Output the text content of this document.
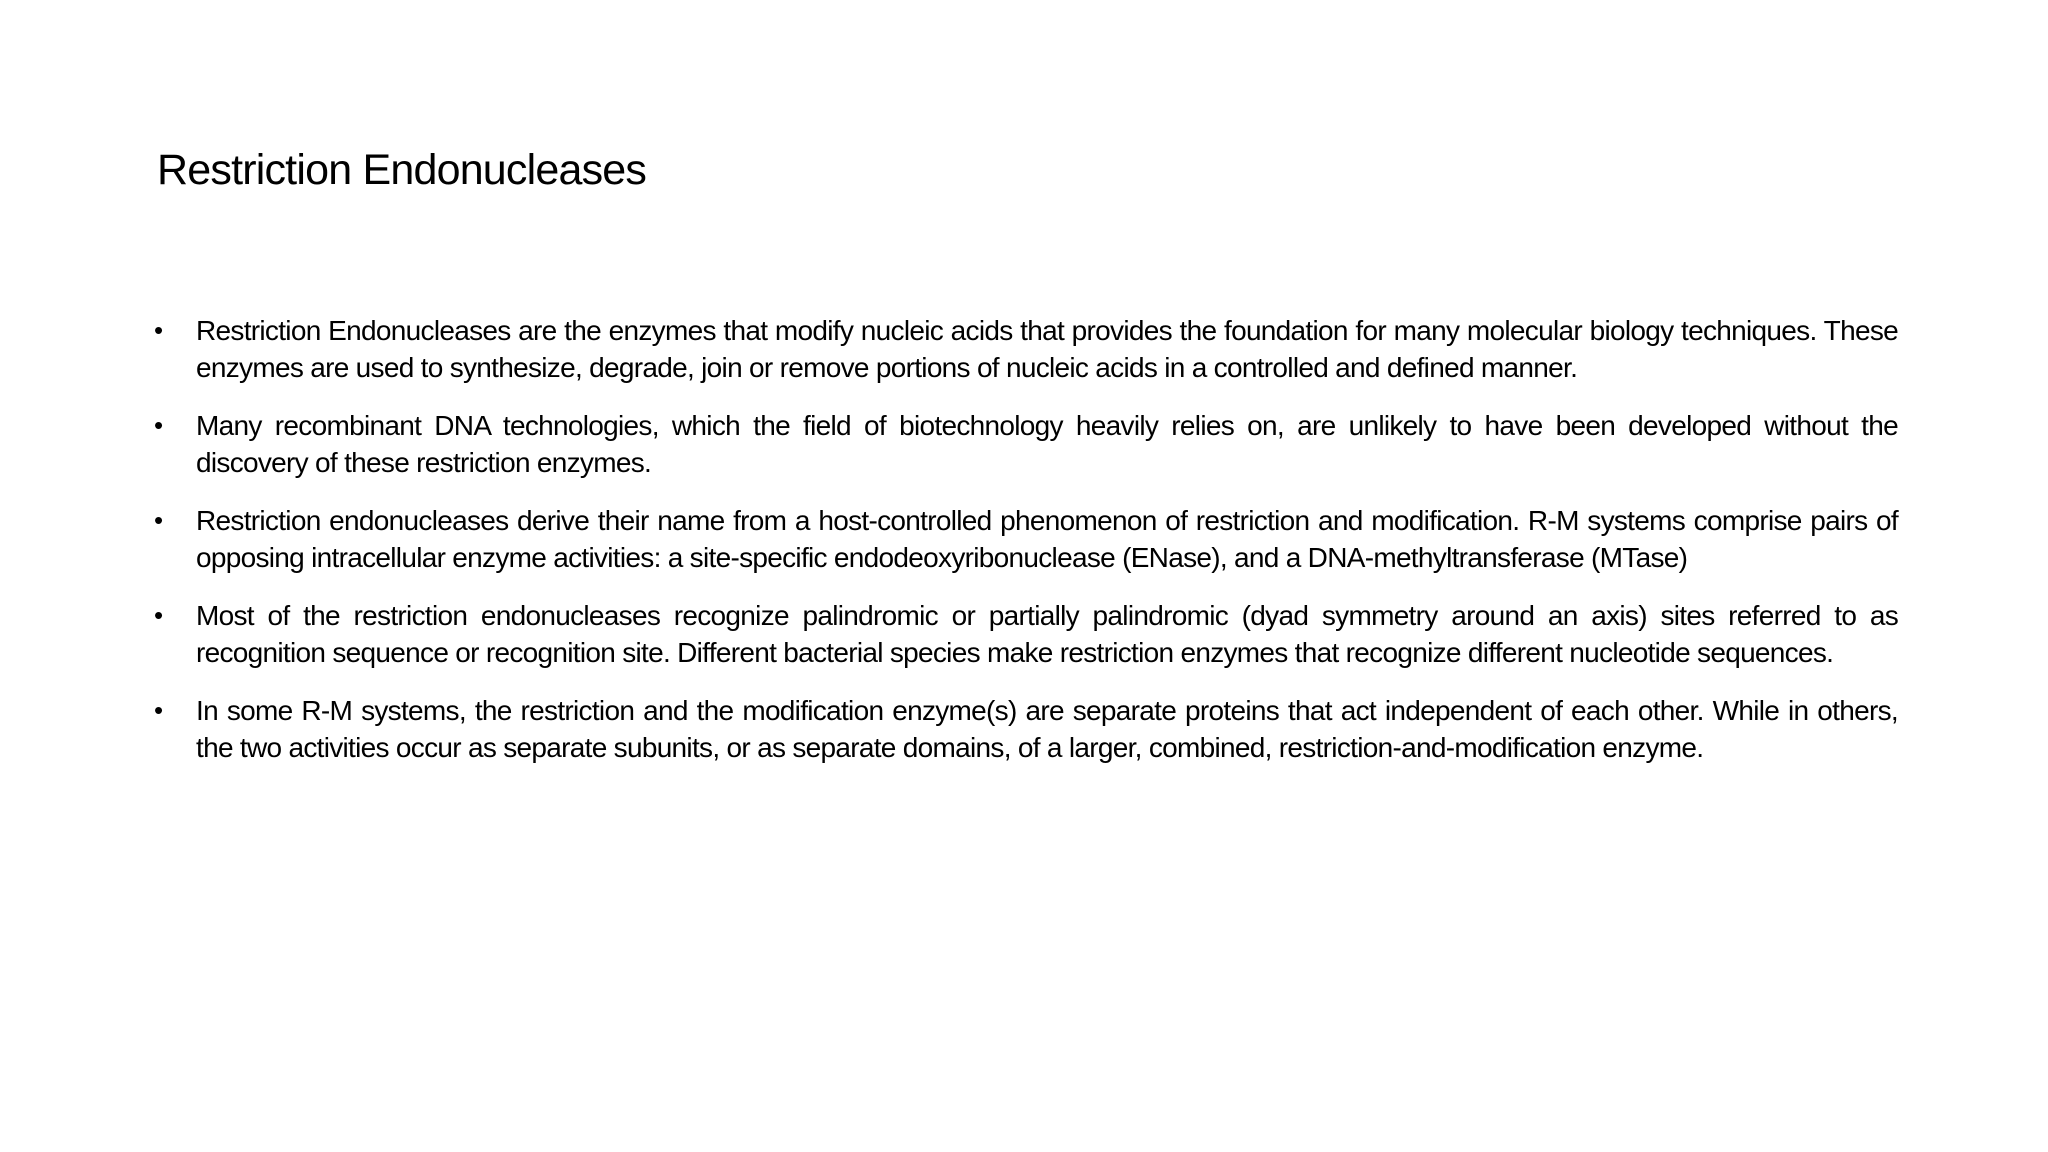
Restriction Endonucleases
• Restriction Endonucleases are the enzymes that modify nucleic acids that provides the foundation for many molecular biology techniques. These enzymes are used to synthesize, degrade, join or remove portions of nucleic acids in a controlled and defined manner.
• Many recombinant DNA technologies, which the field of biotechnology heavily relies on, are unlikely to have been developed without the discovery of these restriction enzymes.
• Restriction endonucleases derive their name from a host-controlled phenomenon of restriction and modification. R-M systems comprise pairs of opposing intracellular enzyme activities: a site-specific endodeoxyribonuclease (ENase), and a DNA-methyltransferase (MTase)
• Most of the restriction endonucleases recognize palindromic or partially palindromic (dyad symmetry around an axis) sites referred to as recognition sequence or recognition site. Different bacterial species make restriction enzymes that recognize different nucleotide sequences.
• In some R-M systems, the restriction and the modification enzyme(s) are separate proteins that act independent of each other. While in others, the two activities occur as separate subunits, or as separate domains, of a larger, combined, restriction-and-modification enzyme.
